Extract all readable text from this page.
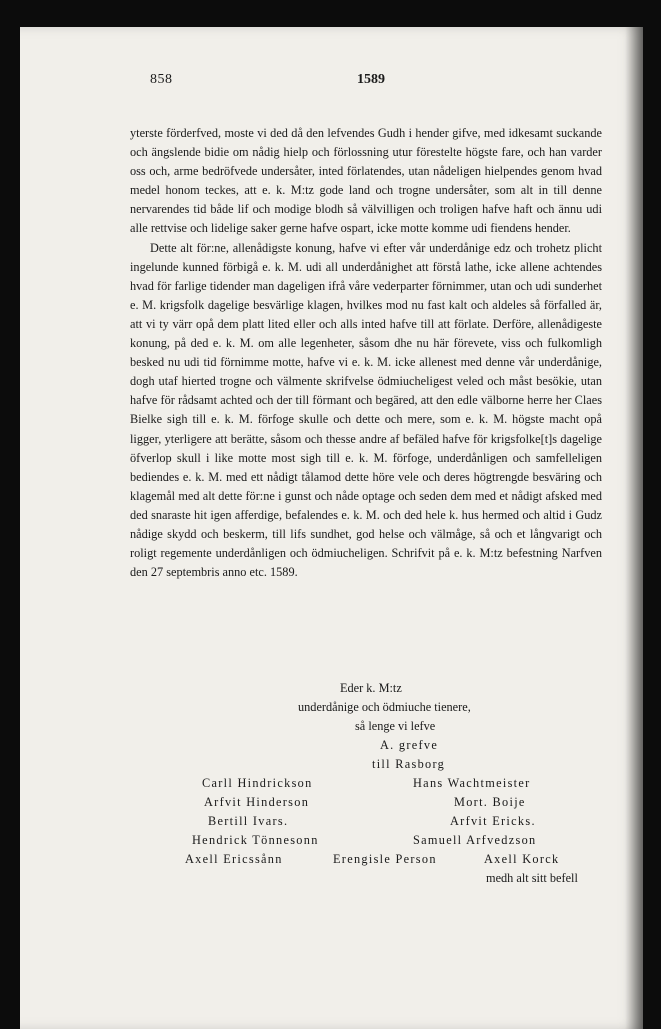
858	1589

yterste förderfved, moste vi ded då den lefvendes Gudh i hender gifve, med idkesamt suckande och ängslende bidie om nådig hielp och förlossning utur förestelte högste fare, och han varder oss och, arme bedröfvede undersåter, inted förlatendes, utan nådeligen hielpendes genom hvad medel honom teckes, att e. k. M:tz gode land och trogne undersåter, som alt in till denne nervarendes tid både lif och modige blodh så välvilligen och troligen hafve haft och ännu udi alle rettvise och lidelige saker gerne hafve ospart, icke motte komme udi fiendens hender.

Dette alt för:ne, allenådigste konung, hafve vi efter vår underdånige edz och trohetz plicht ingelunde kunned förbigå e. k. M. udi all underdånighet att förstå lathe, icke allene achtendes hvad för farlige tidender man dageligen ifrå våre vederparter förnimmer, utan och udi sunderhet e. M. krigsfolk dagelige besvärlige klagen, hvilkes mod nu fast kalt och aldeles så förfalled är, att vi ty värr opå dem platt lited eller och alls inted hafve till att förlate. Derföre, allenådigeste konung, på ded e. k. M. om alle legenheter, såsom dhe nu här förevete, viss och fulkomligh besked nu udi tid förnimme motte, hafve vi e. k. M. icke allenest med denne vår underdånige, dogh utaf hierted trogne och välmente skrifvelse ödmiucheligest veled och måst besökie, utan hafve för rådsamt achted och der till förmant och begäred, att den edle välborne herre her Claes Bielke sigh till e. k. M. förfoge skulle och dette och mere, som e. k. M. högste macht opå ligger, yterligere att berätte, såsom och thesse andre af befäled hafve för krigsfolke[t]s dagelige öfverlop skull i like motte most sigh till e. k. M. förfoge, underdånligen och samfelleligen bediendes e. k. M. med ett nådigt tålamod dette höre vele och deres högtrengde besväring och klagemål med alt dette för:ne i gunst och nåde optage och seden dem med et nådigt afsked med ded snaraste hit igen afferdige, befalendes e. k. M. och ded hele k. hus hermed och altid i Gudz nådige skydd och beskerm, till lifs sundhet, god helse och välmåge, så och et långvarigt och roligt regemente underdånligen och ödmiucheligen. Schrifvit på e. k. M:tz befestning Narfven den 27 septembris anno etc. 1589.

Eder k. M:tz
underdånige och ödmiuche tienere,
så lenge vi lefve
A. grefve
till Rasborg
Carll Hindrickson	Hans Wachtmeister
Arfvit Hinderson	Mort. Boije
Bertill Ivars.	Arfvit Ericks.
Hendrick Tönnesonn	Samuell Arfvedzson
Axell Ericssånn	Erengisle Person	Axell Korck
medh alt sitt befell
